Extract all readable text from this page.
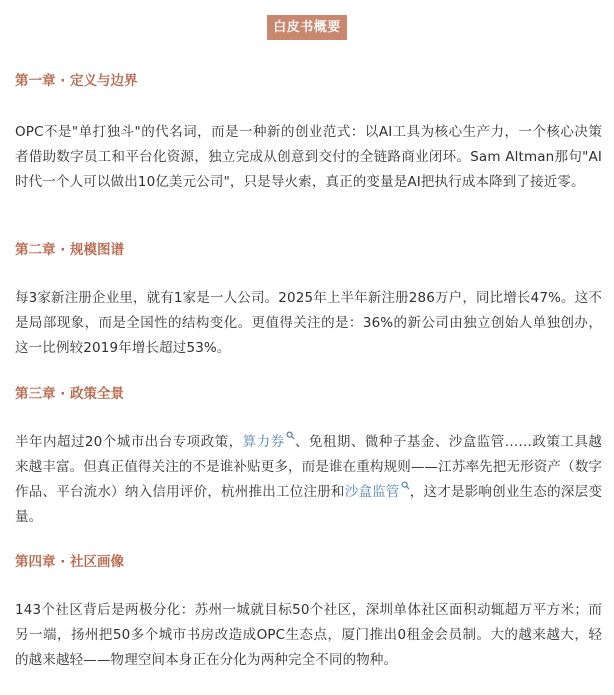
白皮书概要
第一章 · 定义与边界
OPC不是"单打独斗"的代名词，而是一种新的创业范式：以AI工具为核心生产力，一个核心决策者借助数字员工和平台化资源，独立完成从创意到交付的全链路商业闭环。Sam Altman那句"AI时代一个人可以做出10亿美元公司"，只是导火索，真正的变量是AI把执行成本降到了接近零。
第二章 · 规模图谱
每3家新注册企业里，就有1家是一人公司。2025年上半年新注册286万户，同比增长47%。这不是局部现象，而是全国性的结构变化。更值得关注的是：36%的新公司由独立创始人单独创办，这一比例较2019年增长超过53%。
第三章 · 政策全景
半年内超过20个城市出台专项政策，算力券 、免租期、微种子基金、沙盒监管……政策工具越来越丰富。但真正值得关注的不是谁补贴更多，而是谁在重构规则——江苏率先把无形资产（数字作品、平台流水）纳入信用评价，杭州推出工位注册和沙盒监管 ，这才是影响创业生态的深层变量。
第四章 · 社区画像
143个社区背后是两极分化：苏州一城就目标50个社区，深圳单体社区面积动辄超万平方米；而另一端，扬州把50多个城市书房改造成OPC生态点，厦门推出0租金会员制。大的越来越大，轻的越来越轻——物理空间本身正在分化为两种完全不同的物种。
